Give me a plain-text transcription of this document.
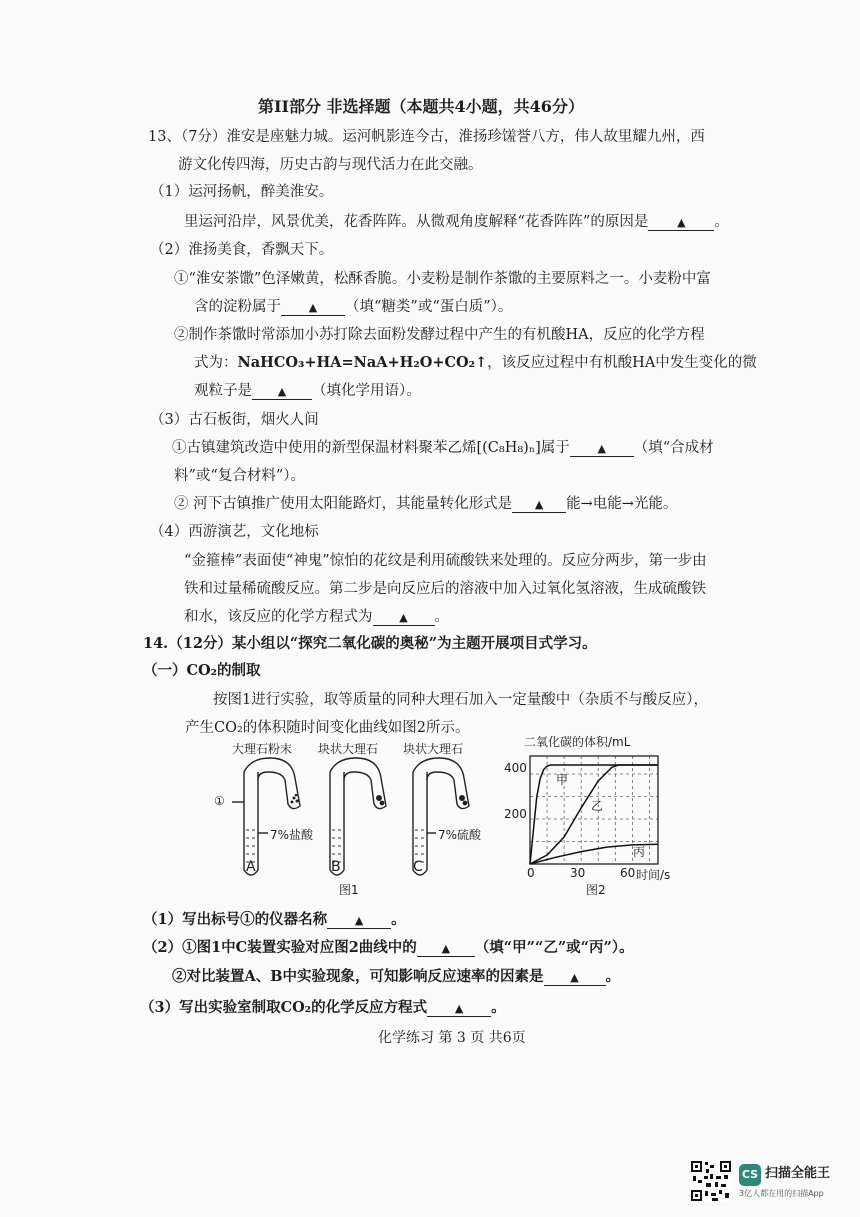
第II部分 非选择题（本题共4小题，共46分）
13、（7分）淮安是座魅力城。运河帆影连今古，淮扬珍馐誉八方，伟人故里耀九州，西
游文化传四海，历史古韵与现代活力在此交融。
（1）运河扬帆，醉美淮安。
里运河沿岸，风景优美，花香阵阵。从微观角度解释“花香阵阵”的原因是	▲ 。
（2）淮扬美食，香飘天下。
①“淮安茶馓”色泽嫩黄，松酥香脆。小麦粉是制作茶馓的主要原料之一。小麦粉中富
含的淀粉属于	▲ （填“糖类”或“蛋白质”）。
②制作茶馓时常添加小苏打除去面粉发酵过程中产生的有机酸HA，反应的化学方程
式为：NaHCO₃+HA=NaA+H₂O+CO₂↑，该反应过程中有机酸HA中发生变化的微
观粒子是 ▲ （填化学用语）。
（3）古石板街，烟火人间
①古镇建筑改造中使用的新型保温材料聚苯乙烯[(C₈H₈)ₙ]属于	▲ （填“合成材
料”或“复合材料”）。
② 河下古镇推广使用太阳能路灯，其能量转化形式是 ▲ 能→电能→光能。
（4）西游演艺，文化地标
“金箍棒”表面使“神鬼”惊怕的花纹是利用硫酸铁来处理的。反应分两步，第一步由
铁和过量稀硫酸反应。第二步是向反应后的溶液中加入过氧化氢溶液，生成硫酸铁
和水，该反应的化学方程式为 ▲ 。
14.（12分）某小组以“探究二氧化碳的奥秘”为主题开展项目式学习。
（一）CO₂的制取
按图1进行实验，取等质量的同种大理石加入一定量酸中（杂质不与酸反应），
产生CO₂的体积随时间变化曲线如图2所示。
大理石粉末 块状大理石 块状大理石
①
7%盐酸	7%硫酸
A	B	C
图1
二氧化碳的体积/mL
400
200
0	30	60 时间/s
甲
乙
丙
图2
（1）写出标号①的仪器名称	▲ 。
（2）①图1中C装置实验对应图2曲线中的 ▲ （填“甲”“乙”或“丙”）。
②对比装置A、B中实验现象，可知影响反应速率的因素是 ▲ 。
（3）写出实验室制取CO₂的化学反应方程式	▲ 。
化学练习 第 3 页 共6页
CS 扫描全能王
3亿人都在用的扫描App
